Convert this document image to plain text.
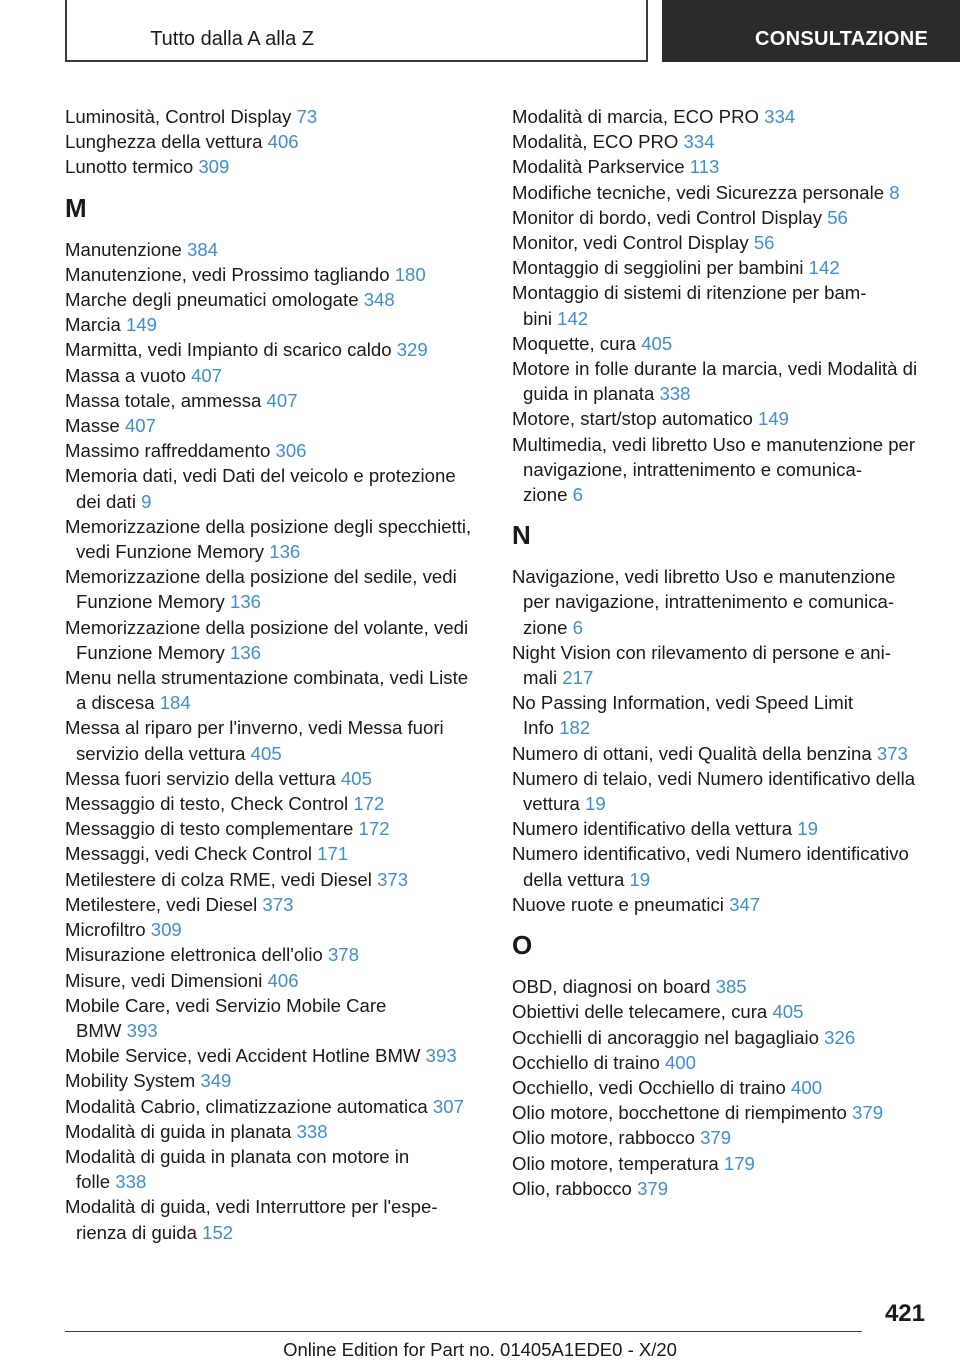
Tutto dalla A alla Z	CONSULTAZIONE
Luminosità, Control Display 73
Lunghezza della vettura 406
Lunotto termico 309
M
Manutenzione 384
Manutenzione, vedi Prossimo tagliando 180
Marche degli pneumatici omologate 348
Marcia 149
Marmitta, vedi Impianto di scarico caldo 329
Massa a vuoto 407
Massa totale, ammessa 407
Masse 407
Massimo raffreddamento 306
Memoria dati, vedi Dati del veicolo e protezione
dei dati 9
Memorizzazione della posizione degli specchietti,
vedi Funzione Memory 136
Memorizzazione della posizione del sedile, vedi
Funzione Memory 136
Memorizzazione della posizione del volante, vedi
Funzione Memory 136
Menu nella strumentazione combinata, vedi Liste
a discesa 184
Messa al riparo per l'inverno, vedi Messa fuori
servizio della vettura 405
Messa fuori servizio della vettura 405
Messaggio di testo, Check Control 172
Messaggio di testo complementare 172
Messaggi, vedi Check Control 171
Metilestere di colza RME, vedi Diesel 373
Metilestere, vedi Diesel 373
Microfiltro 309
Misurazione elettronica dell'olio 378
Misure, vedi Dimensioni 406
Mobile Care, vedi Servizio Mobile Care
BMW 393
Mobile Service, vedi Accident Hotline BMW 393
Mobility System 349
Modalità Cabrio, climatizzazione automatica 307
Modalità di guida in planata 338
Modalità di guida in planata con motore in
folle 338
Modalità di guida, vedi Interruttore per l'espe-
rienza di guida 152
Modalità di marcia, ECO PRO 334
Modalità, ECO PRO 334
Modalità Parkservice 113
Modifiche tecniche, vedi Sicurezza personale 8
Monitor di bordo, vedi Control Display 56
Monitor, vedi Control Display 56
Montaggio di seggiolini per bambini 142
Montaggio di sistemi di ritenzione per bam-
bini 142
Moquette, cura 405
Motore in folle durante la marcia, vedi Modalità di
guida in planata 338
Motore, start/stop automatico 149
Multimedia, vedi libretto Uso e manutenzione per
navigazione, intrattenimento e comunica-
zione 6
N
Navigazione, vedi libretto Uso e manutenzione
per navigazione, intrattenimento e comunica-
zione 6
Night Vision con rilevamento di persone e ani-
mali 217
No Passing Information, vedi Speed Limit
Info 182
Numero di ottani, vedi Qualità della benzina 373
Numero di telaio, vedi Numero identificativo della
vettura 19
Numero identificativo della vettura 19
Numero identificativo, vedi Numero identificativo
della vettura 19
Nuove ruote e pneumatici 347
O
OBD, diagnosi on board 385
Obiettivi delle telecamere, cura 405
Occhielli di ancoraggio nel bagagliaio 326
Occhiello di traino 400
Occhiello, vedi Occhiello di traino 400
Olio motore, bocchettone di riempimento 379
Olio motore, rabbocco 379
Olio motore, temperatura 179
Olio, rabbocco 379
421
Online Edition for Part no. 01405A1EDE0 - X/20
